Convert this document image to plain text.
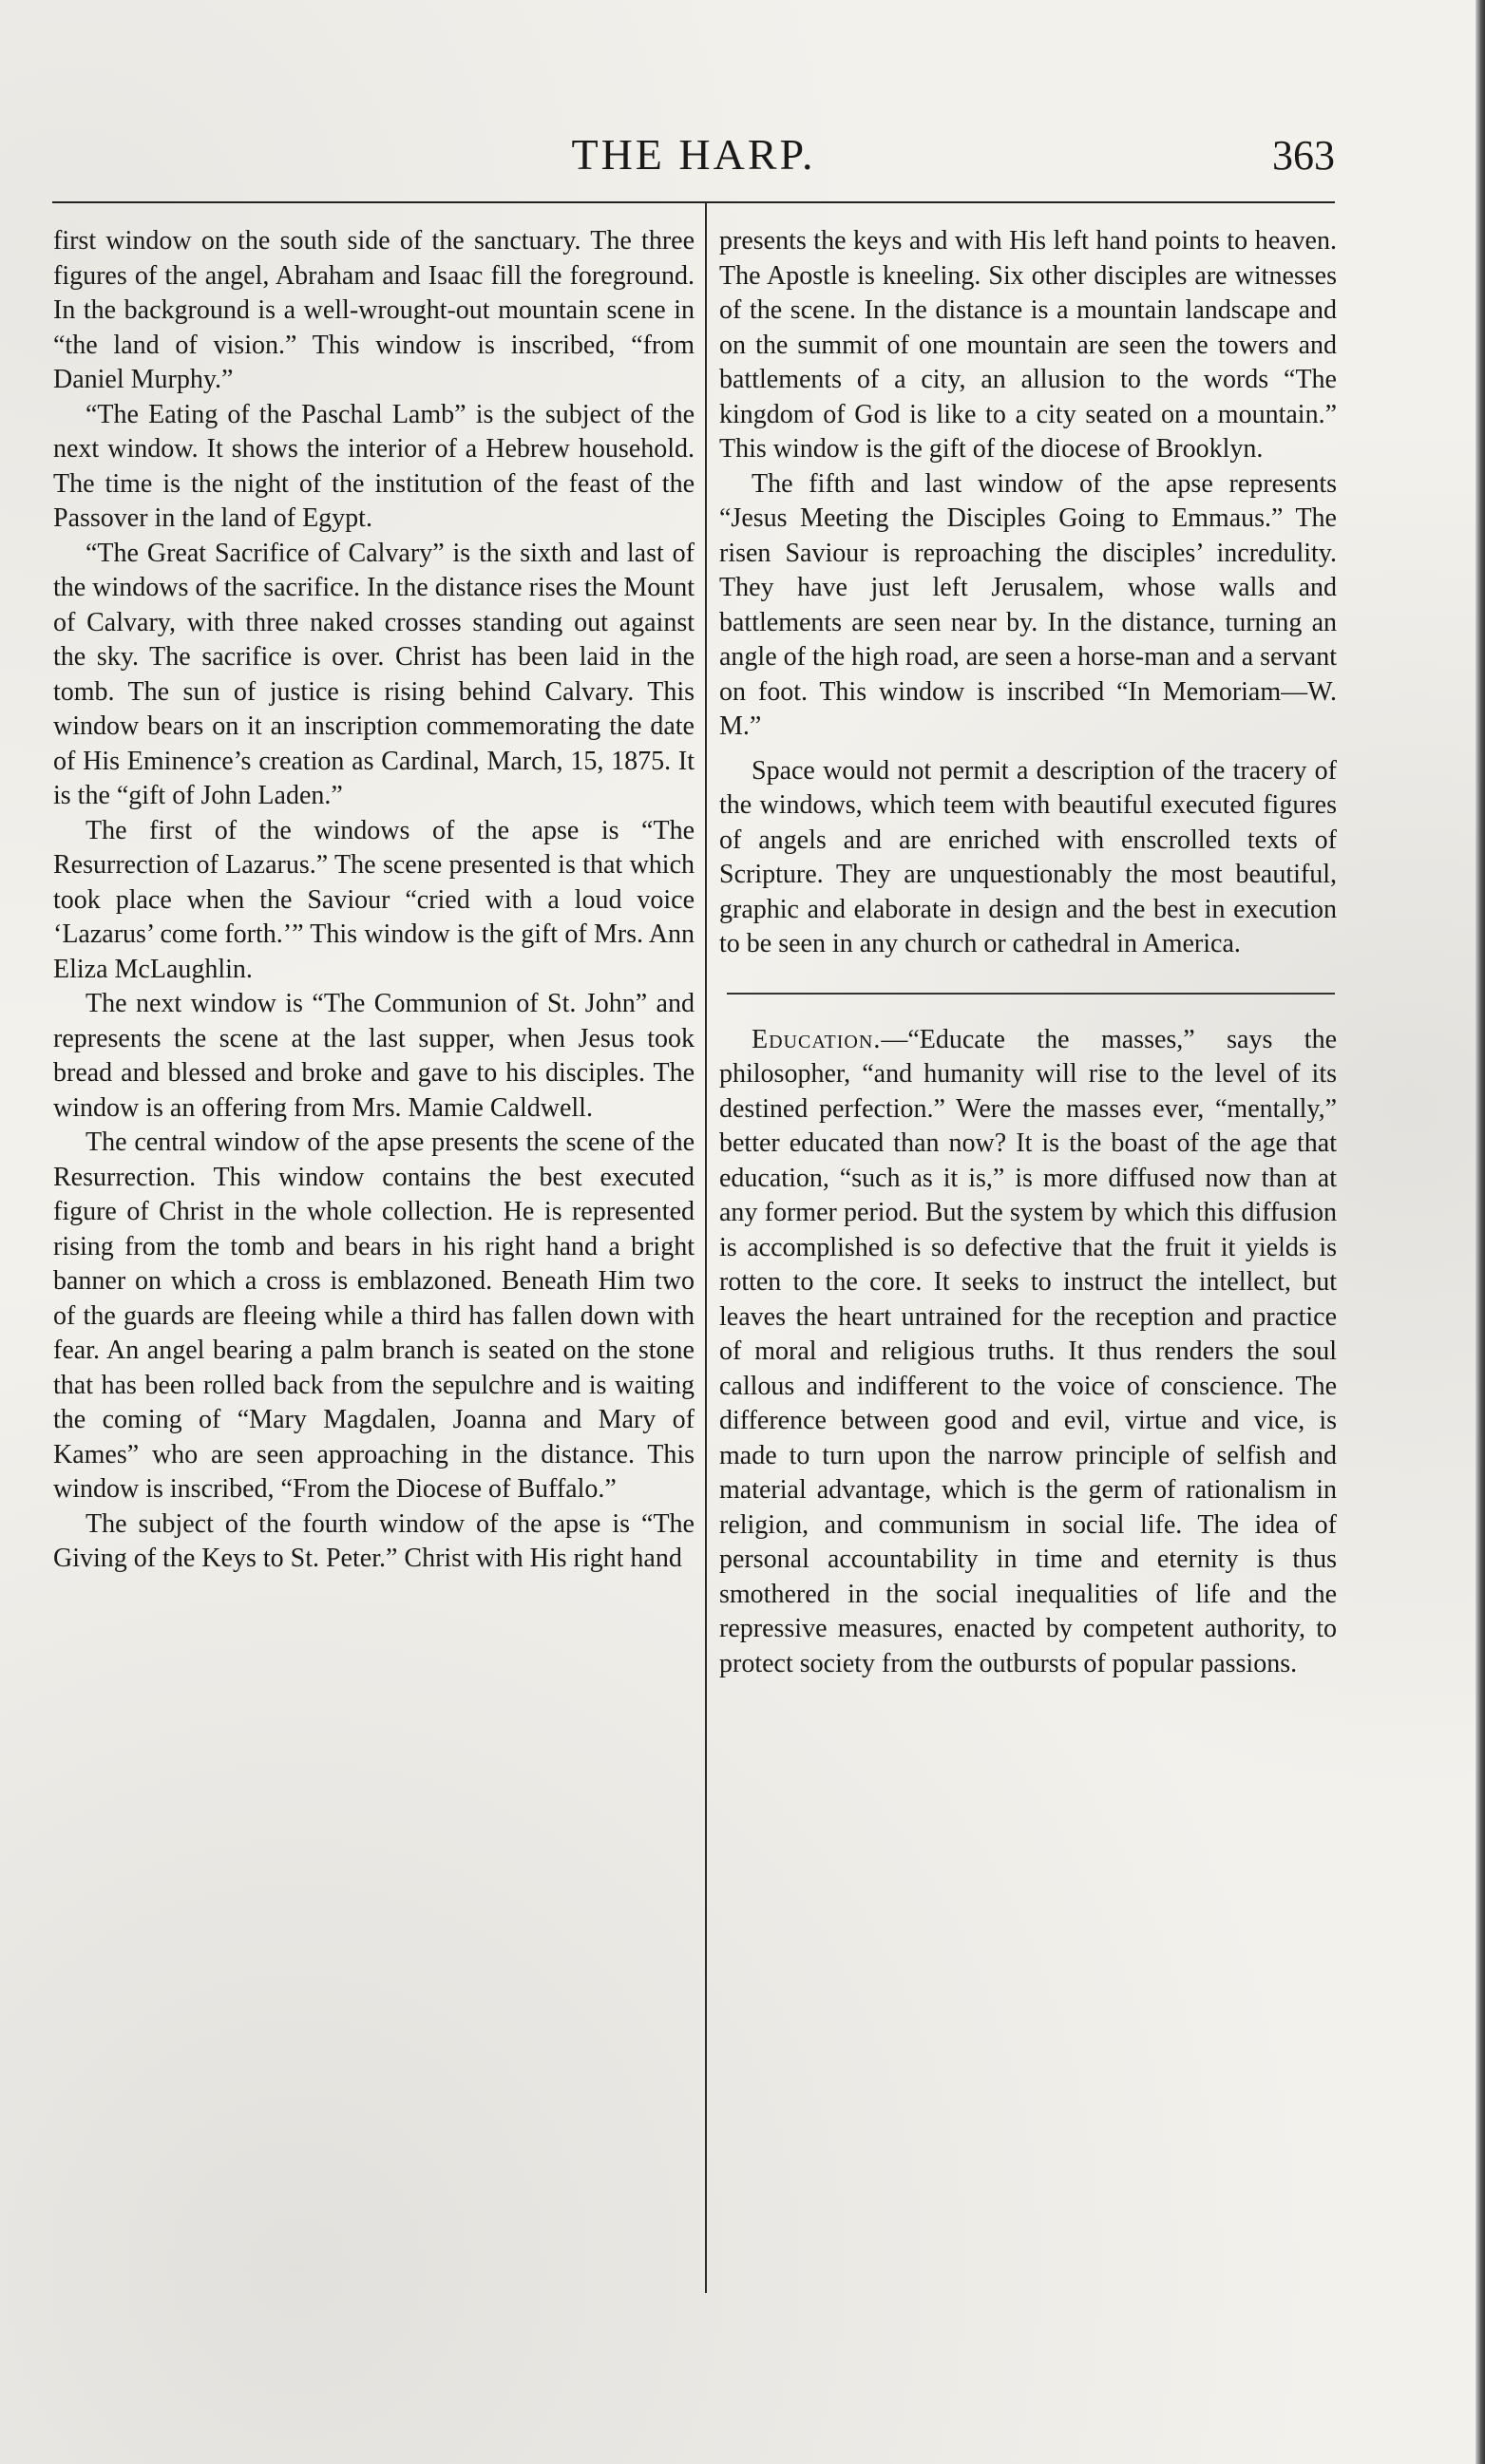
THE HARP.	363

first window on the south side of the sanctuary. The three figures of the angel, Abraham and Isaac fill the foreground. In the background is a well-wrought-out mountain scene in “the land of vision.” This window is inscribed, “from Daniel Murphy.”

“The Eating of the Paschal Lamb” is the subject of the next window. It shows the interior of a Hebrew household. The time is the night of the institution of the feast of the Passover in the land of Egypt.

“The Great Sacrifice of Calvary” is the sixth and last of the windows of the sacrifice. In the distance rises the Mount of Calvary, with three naked crosses standing out against the sky. The sacrifice is over. Christ has been laid in the tomb. The sun of justice is rising behind Calvary. This window bears on it an inscription commemorating the date of His Eminence’s creation as Cardinal, March, 15, 1875. It is the “gift of John Laden.”

The first of the windows of the apse is “The Resurrection of Lazarus.” The scene presented is that which took place when the Saviour “cried with a loud voice ‘Lazarus’ come forth.’” This window is the gift of Mrs. Ann Eliza McLaughlin.

The next window is “The Communion of St. John” and represents the scene at the last supper, when Jesus took bread and blessed and broke and gave to his disciples. The window is an offering from Mrs. Mamie Caldwell.

The central window of the apse presents the scene of the Resurrection. This window contains the best executed figure of Christ in the whole collection. He is represented rising from the tomb and bears in his right hand a bright banner on which a cross is emblazoned. Beneath Him two of the guards are fleeing while a third has fallen down with fear. An angel bearing a palm branch is seated on the stone that has been rolled back from the sepulchre and is waiting the coming of “Mary Magdalen, Joanna and Mary of Kames” who are seen approaching in the distance. This window is inscribed, “From the Diocese of Buffalo.”

The subject of the fourth window of the apse is “The Giving of the Keys to St. Peter.” Christ with His right hand

presents the keys and with His left hand points to heaven. The Apostle is kneeling. Six other disciples are witnesses of the scene. In the distance is a mountain landscape and on the summit of one mountain are seen the towers and battlements of a city, an allusion to the words “The kingdom of God is like to a city seated on a mountain.” This window is the gift of the diocese of Brooklyn.

The fifth and last window of the apse represents “Jesus Meeting the Disciples Going to Emmaus.” The risen Saviour is reproaching the disciples’ incredulity. They have just left Jerusalem, whose walls and battlements are seen near by. In the distance, turning an angle of the high road, are seen a horse-man and a servant on foot. This window is inscribed “In Memoriam—W. M.”

Space would not permit a description of the tracery of the windows, which teem with beautiful executed figures of angels and are enriched with enscrolled texts of Scripture. They are unquestionably the most beautiful, graphic and elaborate in design and the best in execution to be seen in any church or cathedral in America.

Education.—“Educate the masses,” says the philosopher, “and humanity will rise to the level of its destined perfection.” Were the masses ever, “mentally,” better educated than now? It is the boast of the age that education, “such as it is,” is more diffused now than at any former period. But the system by which this diffusion is accomplished is so defective that the fruit it yields is rotten to the core. It seeks to instruct the intellect, but leaves the heart untrained for the reception and practice of moral and religious truths. It thus renders the soul callous and indifferent to the voice of conscience. The difference between good and evil, virtue and vice, is made to turn upon the narrow principle of selfish and material advantage, which is the germ of rationalism in religion, and communism in social life. The idea of personal accountability in time and eternity is thus smothered in the social inequalities of life and the repressive measures, enacted by competent authority, to protect society from the outbursts of popular passions.
